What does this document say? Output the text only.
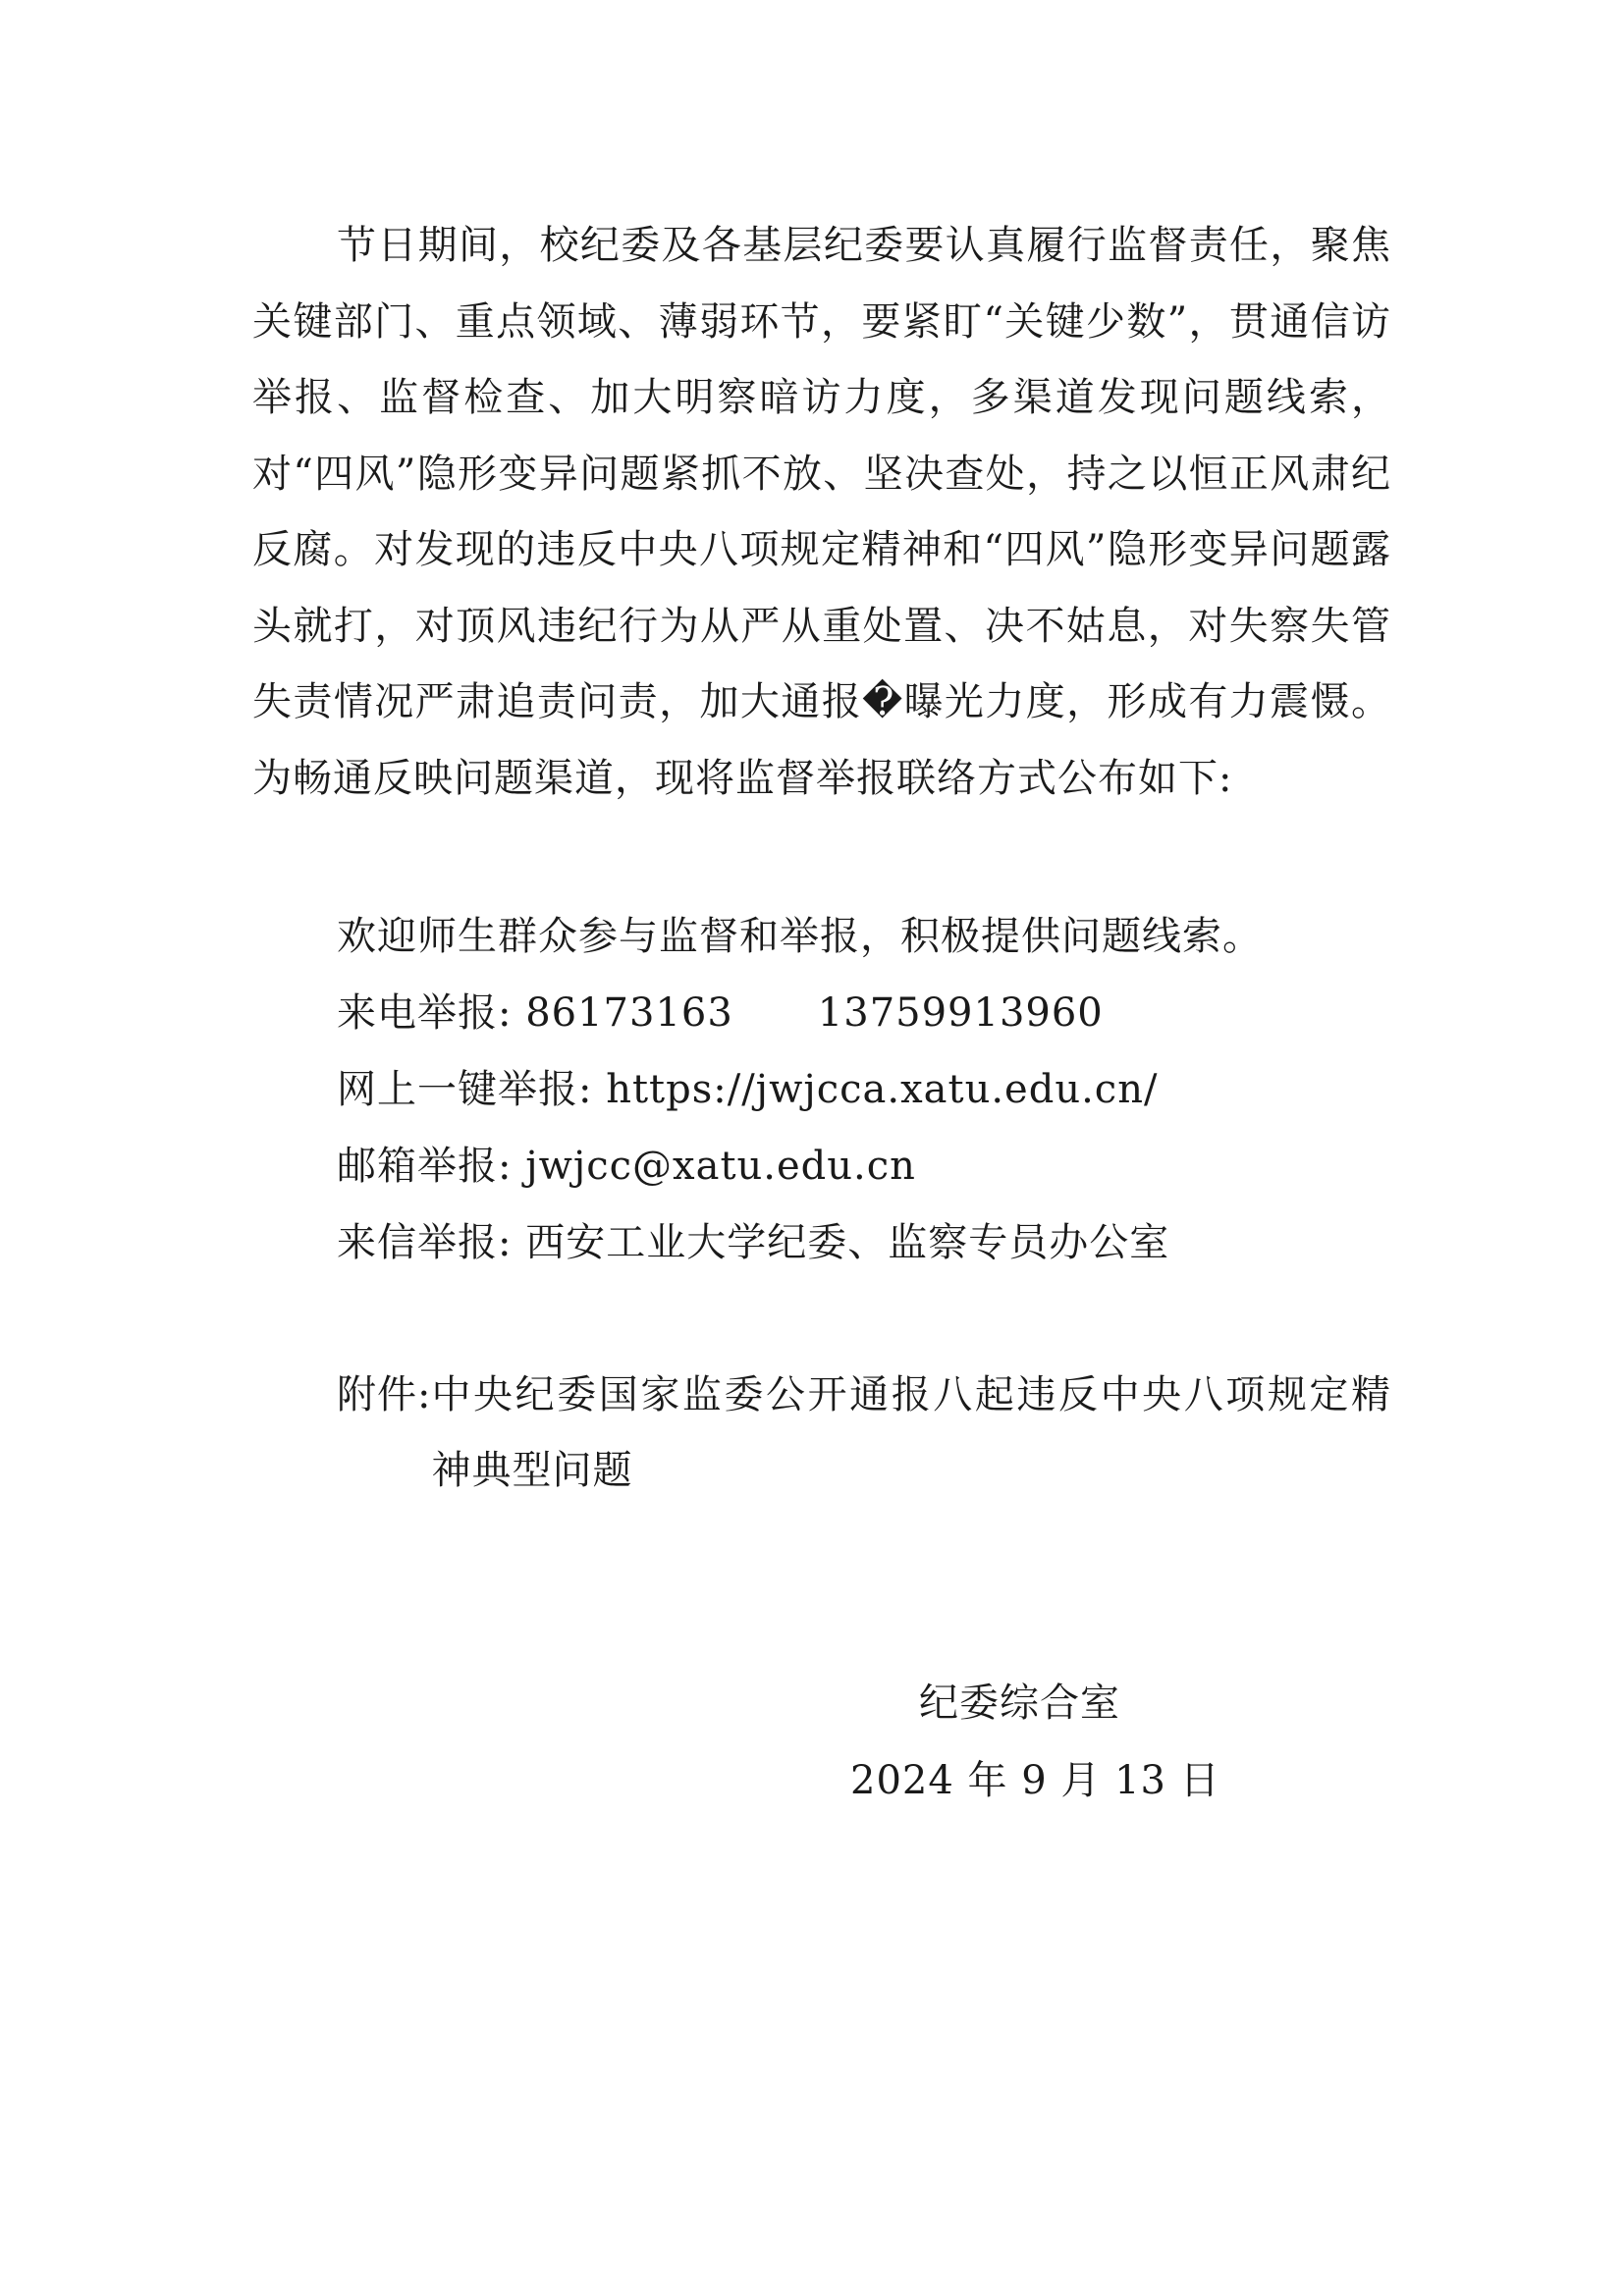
节日期间，校纪委及各基层纪委要认真履行监督责任，聚焦关键部门、重点领域、薄弱环节，要紧盯“关键少数”，贯通信访举报、监督检查、加大明察暗访力度，多渠道发现问题线索，对“四风”隐形变异问题紧抓不放、坚决查处，持之以恒正风肃纪反腐。对发现的违反中央八项规定精神和“四风”隐形变异问题露头就打，对顶风违纪行为从严从重处置、决不姑息，对失察失管失责情况严肃追责问责，加大通报�曝光力度，形成有力震慑。为畅通反映问题渠道，现将监督举报联络方式公布如下:

欢迎师生群众参与监督和举报，积极提供问题线索。
来电举报: 86173163 13759913960
网上一键举报: https://jwjcca.xatu.edu.cn/
邮箱举报: jwjcc@xatu.edu.cn
来信举报: 西安工业大学纪委、监察专员办公室
附件: 中央纪委国家监委公开通报八起违反中央八项规定精神典型问题
纪委综合室
2024 年 9 月 13 日
